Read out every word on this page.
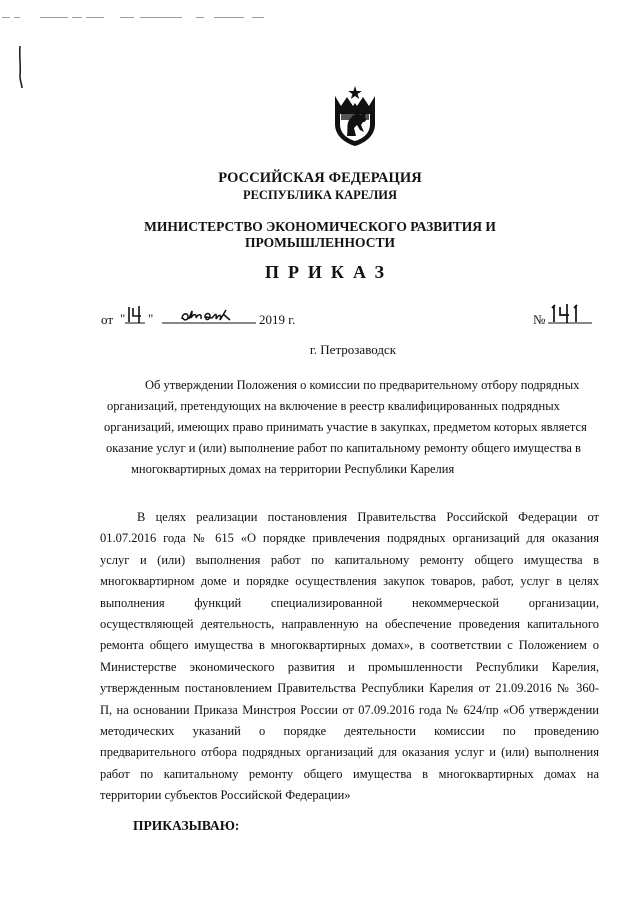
РОССИЙСКАЯ ФЕДЕРАЦИЯ
РЕСПУБЛИКА КАРЕЛИЯ
МИНИСТЕРСТВО ЭКОНОМИЧЕСКОГО РАЗВИТИЯ И
ПРОМЫШЛЕННОСТИ
ПРИКАЗ
от " "	2019 г.	№
г. Петрозаводск
Об утверждении Положения о комиссии по предварительному отбору подрядных
организаций, претендующих на включение в реестр квалифицированных подрядных
организаций, имеющих право принимать участие в закупках, предметом которых является
оказание услуг и (или) выполнение работ по капитальному ремонту общего имущества в
многоквартирных домах на территории Республики Карелия
В целях реализации постановления Правительства Российской Федерации от
01.07.2016 года № 615 «О порядке привлечения подрядных организаций для оказания
услуг и (или) выполнения работ по капитальному ремонту общего имущества в
многоквартирном доме и порядке осуществления закупок товаров, работ, услуг в целях
выполнения функций специализированной некоммерческой организации,
осуществляющей деятельность, направленную на обеспечение проведения капитального
ремонта общего имущества в многоквартирных домах», в соответствии с Положением о
Министерстве экономического развития и промышленности Республики Карелия,
утвержденным постановлением Правительства Республики Карелия от 21.09.2016 № 360-
П, на основании Приказа Минстроя России от 07.09.2016 года № 624/пр «Об утверждении
методических указаний о порядке деятельности комиссии по проведению
предварительного отбора подрядных организаций для оказания услуг и (или) выполнения
работ по капитальному ремонту общего имущества в многоквартирных домах на
территории субъектов Российской Федерации»
ПРИКАЗЫВАЮ:
